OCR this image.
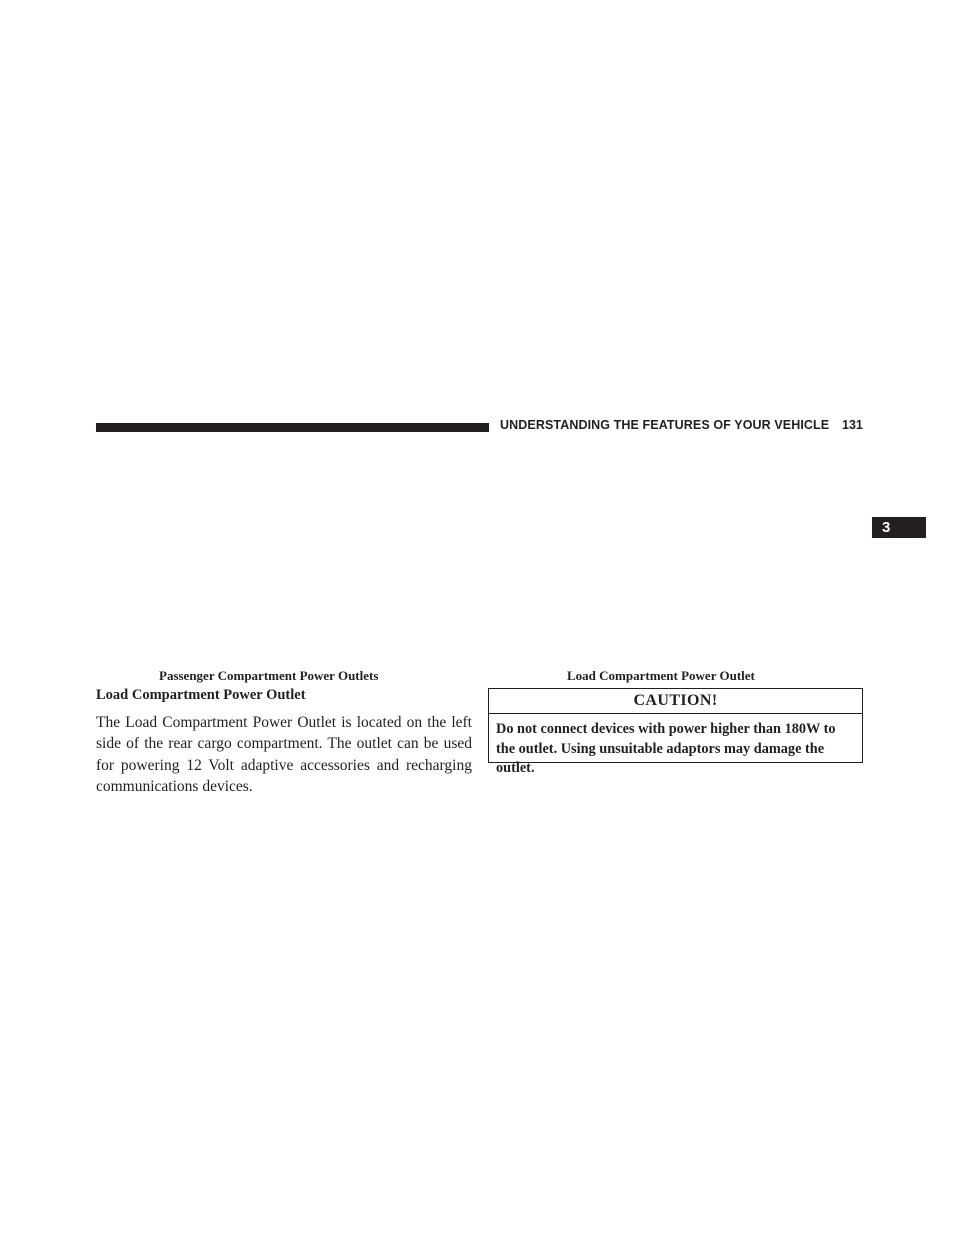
UNDERSTANDING THE FEATURES OF YOUR VEHICLE 131
3
Passenger Compartment Power Outlets	Load Compartment Power Outlet
Load Compartment Power Outlet

The Load Compartment Power Outlet is located on the left side of the rear cargo compartment. The outlet can be used for powering 12 Volt adaptive accessories and recharging communications devices.

CAUTION!

Do not connect devices with power higher than 180W to the outlet. Using unsuitable adaptors may damage the outlet.
